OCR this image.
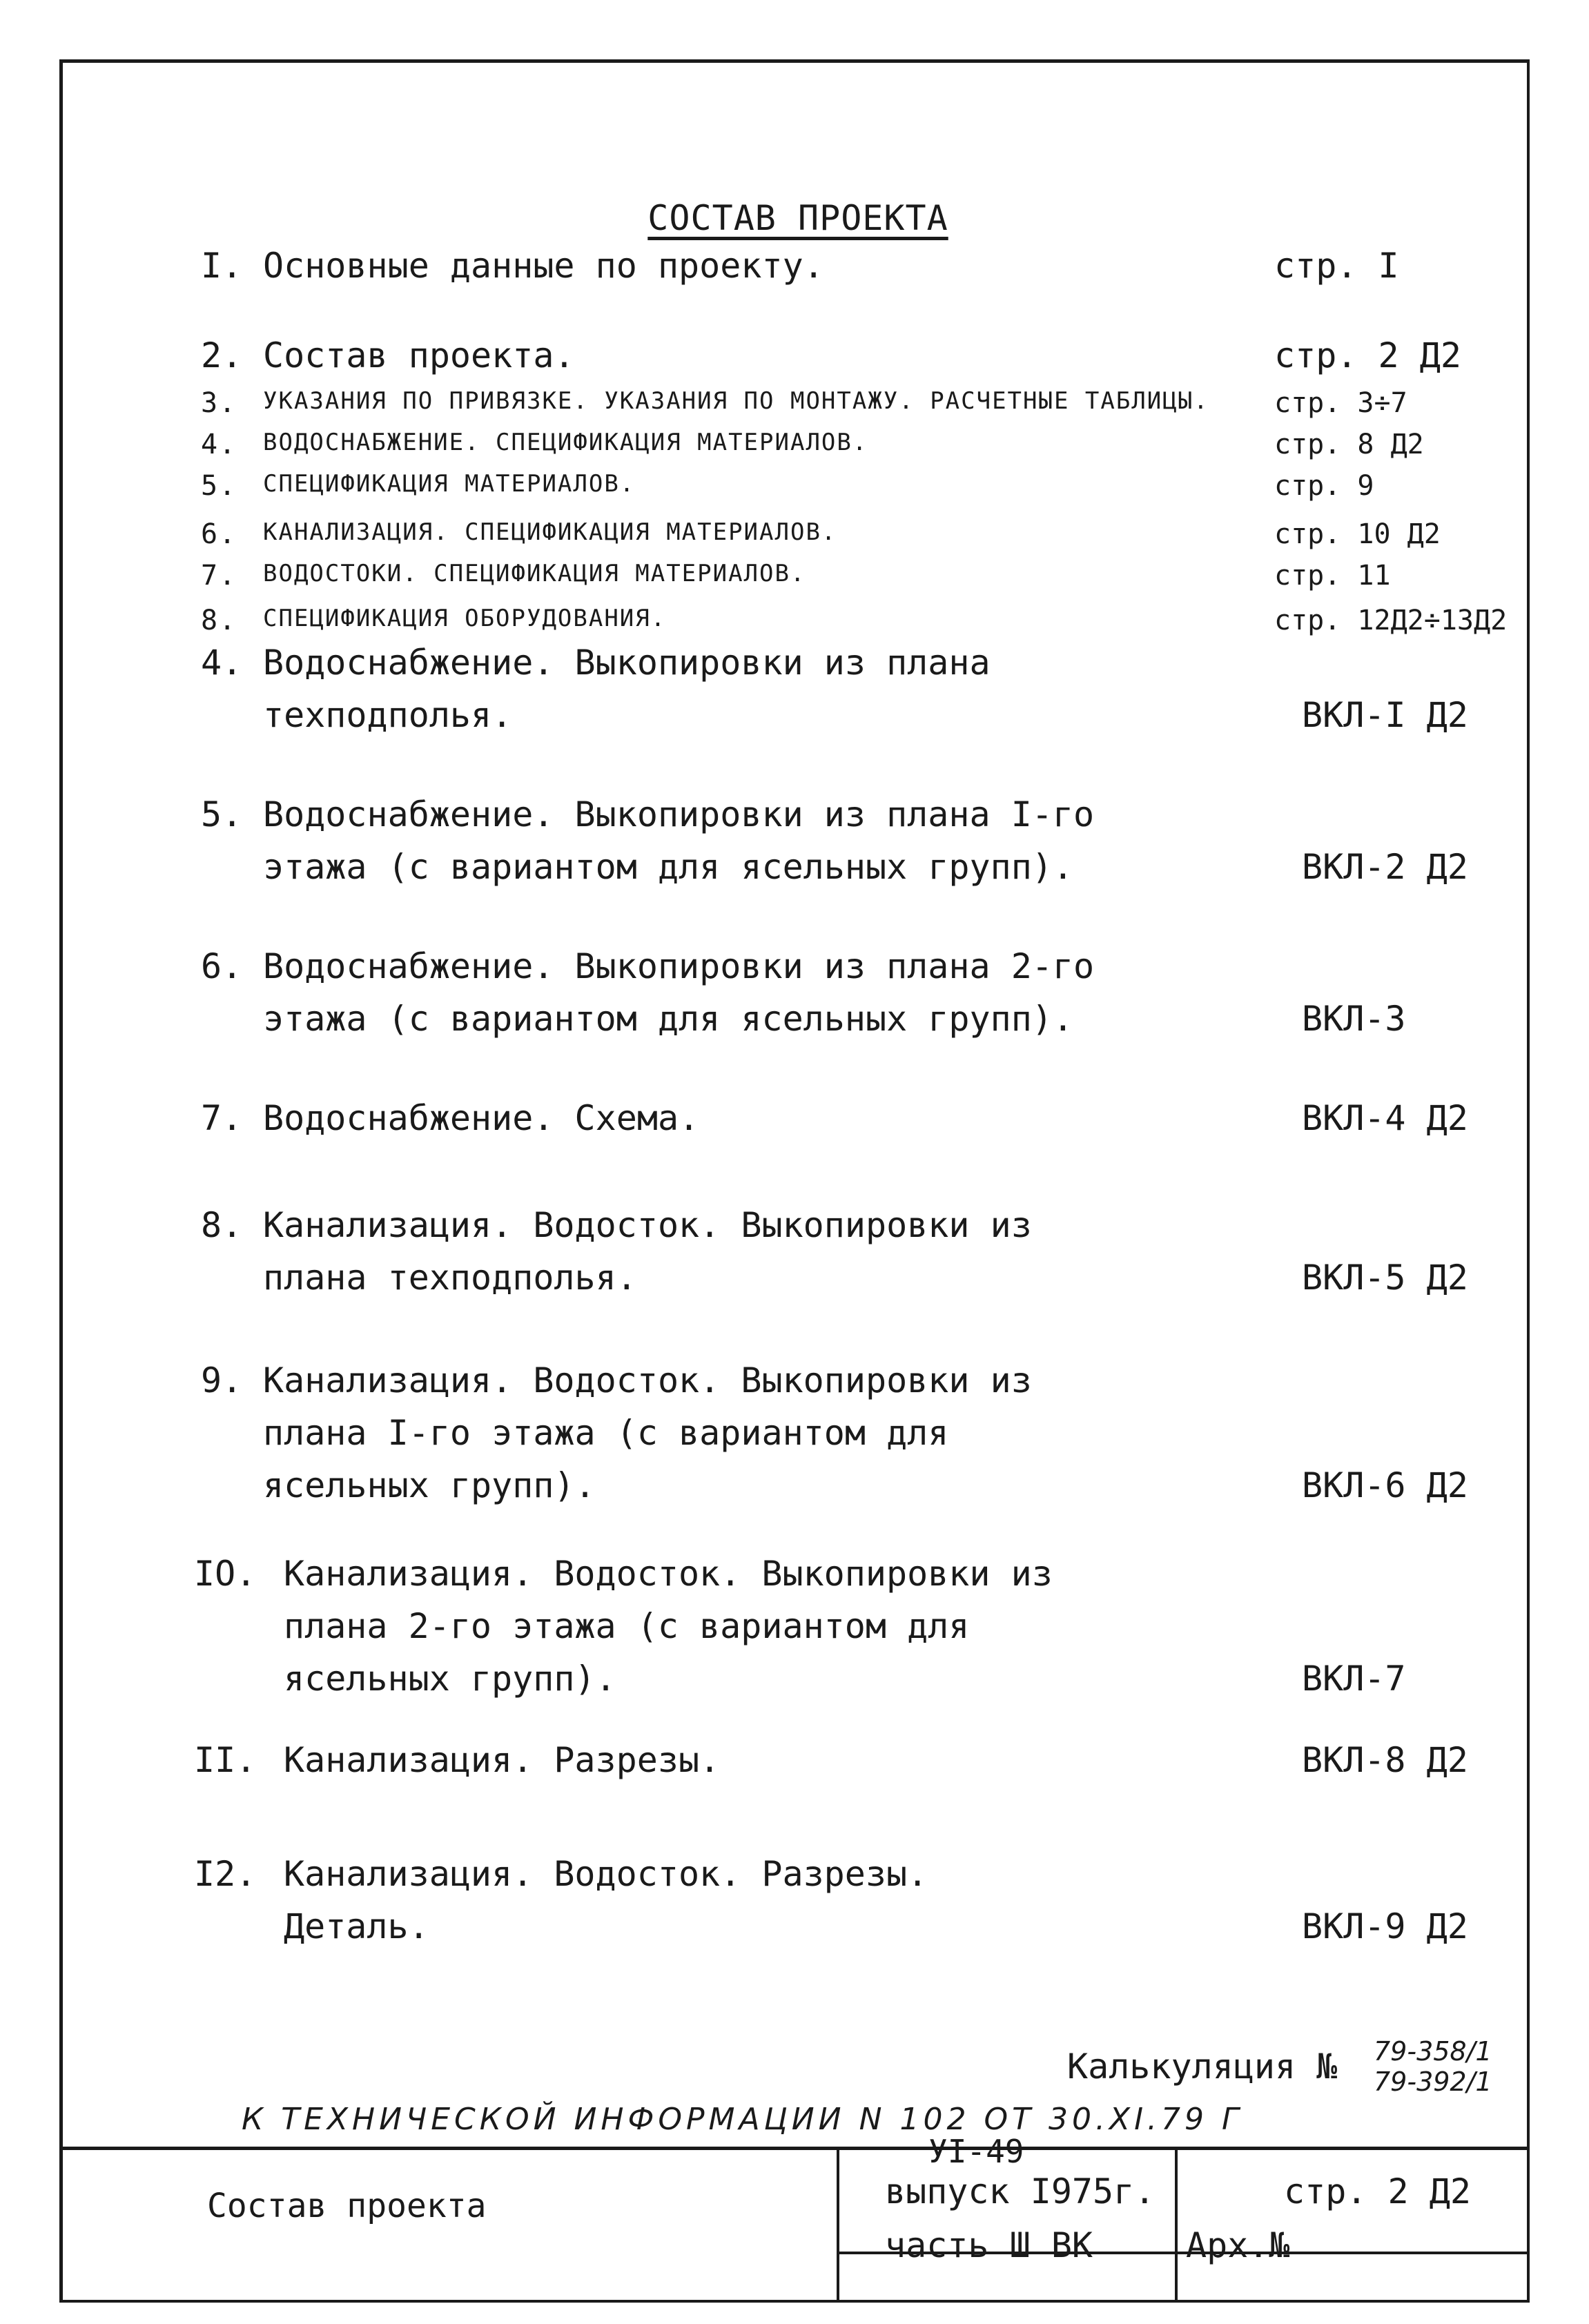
СОСТАВ ПРОЕКТА
I. Основные данные по проекту.	стр. I
2. Состав проекта.	стр. 2 Д2
3. УКАЗАНИЯ ПО ПРИВЯЗКЕ. УКАЗАНИЯ ПО МОНТАЖУ. РАСЧЕТНЫЕ ТАБЛИЦЫ. стр. 3÷7
4. ВОДОСНАБЖЕНИЕ. СПЕЦИФИКАЦИЯ МАТЕРИАЛОВ.	стр. 8 Д2
5. СПЕЦИФИКАЦИЯ МАТЕРИАЛОВ.	стр. 9
6. КАНАЛИЗАЦИЯ. СПЕЦИФИКАЦИЯ МАТЕРИАЛОВ.	стр. 10 Д2
7. ВОДОСТОКИ. СПЕЦИФИКАЦИЯ МАТЕРИАЛОВ.	стр. 11
8. СПЕЦИФИКАЦИЯ ОБОРУДОВАНИЯ.	стр. 12Д2÷13Д2
4. Водоснабжение. Выкопировки из плана
техподполья.	ВКЛ-I Д2
5. Водоснабжение. Выкопировки из плана I-го
этажа (с вариантом для ясельных групп).	ВКЛ-2 Д2
6. Водоснабжение. Выкопировки из плана 2-го
этажа (с вариантом для ясельных групп).	ВКЛ-3
7. Водоснабжение. Схема.	ВКЛ-4 Д2
8. Канализация. Водосток. Выкопировки из
плана техподполья.	ВКЛ-5 Д2
9. Канализация. Водосток. Выкопировки из
плана I-го этажа (с вариантом для
ясельных групп).	ВКЛ-6 Д2
IO. Канализация. Водосток. Выкопировки из
плана 2-го этажа (с вариантом для
ясельных групп).	ВКЛ-7
II. Канализация. Разрезы.	ВКЛ-8 Д2
I2. Канализация. Водосток. Разрезы.
Деталь.	ВКЛ-9 Д2
Калькуляция № 79-358/1
79-392/1
К ТЕХНИЧЕСКОЙ ИНФОРМАЦИИ N 102 ОТ 30.XI.79 Г
Состав проекта
УI-49
выпуск I975г.
часть Ш ВК
стр. 2 Д2
Арх.№
